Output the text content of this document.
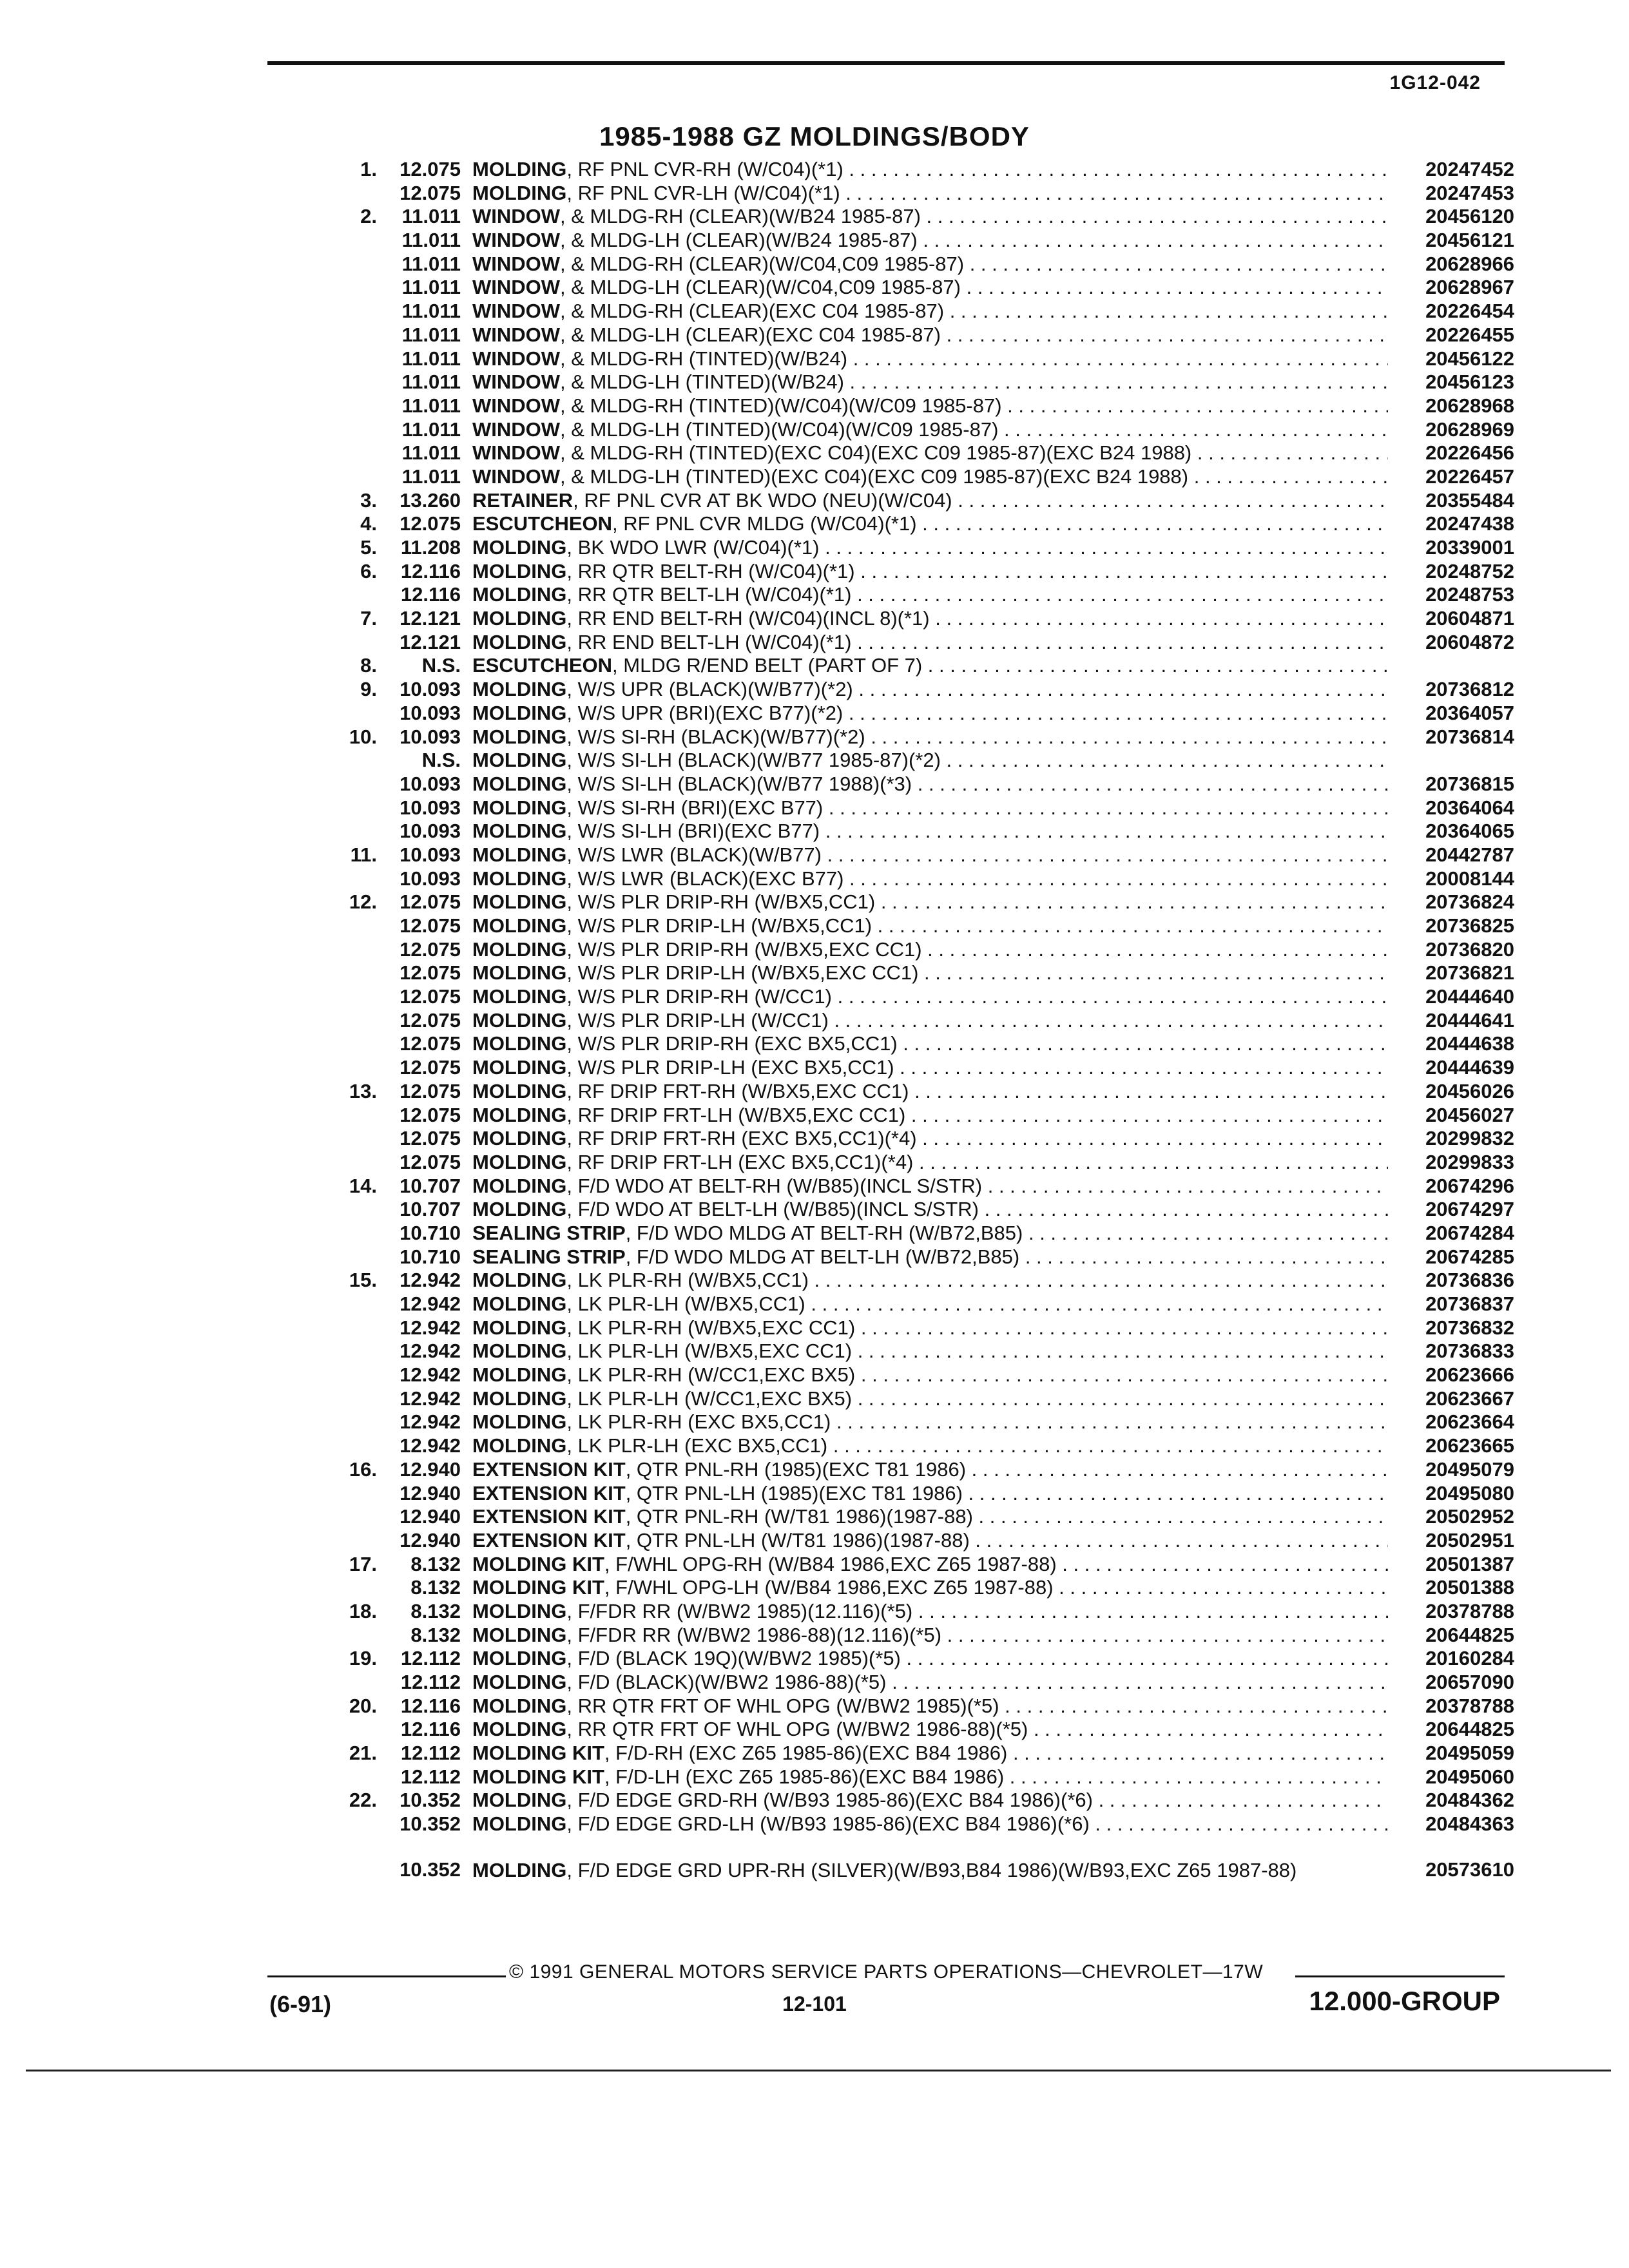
1G12-042
1985-1988 GZ MOLDINGS/BODY
1.	12.075 MOLDING, RF PNL CVR-RH (W/C04)(*1) . . .	20247452
12.075 MOLDING, RF PNL CVR-LH (W/C04)(*1) . . .	20247453
2.	11.011 WINDOW, & MLDG-RH (CLEAR)(W/B24 1985-87) . . .	20456120
11.011 WINDOW, & MLDG-LH (CLEAR)(W/B24 1985-87) . . .	20456121
11.011 WINDOW, & MLDG-RH (CLEAR)(W/C04,C09 1985-87) . . .	20628966
11.011 WINDOW, & MLDG-LH (CLEAR)(W/C04,C09 1985-87) . . .	20628967
11.011 WINDOW, & MLDG-RH (CLEAR)(EXC C04 1985-87) . . .	20226454
11.011 WINDOW, & MLDG-LH (CLEAR)(EXC C04 1985-87) . . .	20226455
11.011 WINDOW, & MLDG-RH (TINTED)(W/B24) . . .	20456122
11.011 WINDOW, & MLDG-LH (TINTED)(W/B24) . . .	20456123
11.011 WINDOW, & MLDG-RH (TINTED)(W/C04)(W/C09 1985-87) . . .	20628968
11.011 WINDOW, & MLDG-LH (TINTED)(W/C04)(W/C09 1985-87) . . .	20628969
11.011 WINDOW, & MLDG-RH (TINTED)(EXC C04)(EXC C09 1985-87)(EXC B24 1988) . . .	20226456
11.011 WINDOW, & MLDG-LH (TINTED)(EXC C04)(EXC C09 1985-87)(EXC B24 1988) . . .	20226457
3.	13.260 RETAINER, RF PNL CVR AT BK WDO (NEU)(W/C04) . . .	20355484
4.	12.075 ESCUTCHEON, RF PNL CVR MLDG (W/C04)(*1) . . .	20247438
5.	11.208 MOLDING, BK WDO LWR (W/C04)(*1) . . .	20339001
6.	12.116 MOLDING, RR QTR BELT-RH (W/C04)(*1) . . .	20248752
12.116 MOLDING, RR QTR BELT-LH (W/C04)(*1) . . .	20248753
7.	12.121 MOLDING, RR END BELT-RH (W/C04)(INCL 8)(*1) . . .	20604871
12.121 MOLDING, RR END BELT-LH (W/C04)(*1) . . .	20604872
8.	N.S. ESCUTCHEON, MLDG R/END BELT (PART OF 7) . . .
9.	10.093 MOLDING, W/S UPR (BLACK)(W/B77)(*2) . . .	20736812
10.093 MOLDING, W/S UPR (BRI)(EXC B77)(*2) . . .	20364057
10.	10.093 MOLDING, W/S SI-RH (BLACK)(W/B77)(*2) . . .	20736814
N.S. MOLDING, W/S SI-LH (BLACK)(W/B77 1985-87)(*2) . . .
10.093 MOLDING, W/S SI-LH (BLACK)(W/B77 1988)(*3) . . .	20736815
10.093 MOLDING, W/S SI-RH (BRI)(EXC B77) . . .	20364064
10.093 MOLDING, W/S SI-LH (BRI)(EXC B77) . . .	20364065
11.	10.093 MOLDING, W/S LWR (BLACK)(W/B77) . . .	20442787
10.093 MOLDING, W/S LWR (BLACK)(EXC B77) . . .	20008144
12.	12.075 MOLDING, W/S PLR DRIP-RH (W/BX5,CC1) . . .	20736824
12.075 MOLDING, W/S PLR DRIP-LH (W/BX5,CC1) . . .	20736825
12.075 MOLDING, W/S PLR DRIP-RH (W/BX5,EXC CC1) . . .	20736820
12.075 MOLDING, W/S PLR DRIP-LH (W/BX5,EXC CC1) . . .	20736821
12.075 MOLDING, W/S PLR DRIP-RH (W/CC1) . . .	20444640
12.075 MOLDING, W/S PLR DRIP-LH (W/CC1) . . .	20444641
12.075 MOLDING, W/S PLR DRIP-RH (EXC BX5,CC1) . . .	20444638
12.075 MOLDING, W/S PLR DRIP-LH (EXC BX5,CC1) . . .	20444639
13.	12.075 MOLDING, RF DRIP FRT-RH (W/BX5,EXC CC1) . . .	20456026
12.075 MOLDING, RF DRIP FRT-LH (W/BX5,EXC CC1) . . .	20456027
12.075 MOLDING, RF DRIP FRT-RH (EXC BX5,CC1)(*4) . . .	20299832
12.075 MOLDING, RF DRIP FRT-LH (EXC BX5,CC1)(*4) . . .	20299833
14.	10.707 MOLDING, F/D WDO AT BELT-RH (W/B85)(INCL S/STR) . . .	20674296
10.707 MOLDING, F/D WDO AT BELT-LH (W/B85)(INCL S/STR) . . .	20674297
10.710 SEALING STRIP, F/D WDO MLDG AT BELT-RH (W/B72,B85) . . .	20674284
10.710 SEALING STRIP, F/D WDO MLDG AT BELT-LH (W/B72,B85) . . .	20674285
15.	12.942 MOLDING, LK PLR-RH (W/BX5,CC1) . . .	20736836
12.942 MOLDING, LK PLR-LH (W/BX5,CC1) . . .	20736837
12.942 MOLDING, LK PLR-RH (W/BX5,EXC CC1) . . .	20736832
12.942 MOLDING, LK PLR-LH (W/BX5,EXC CC1) . . .	20736833
12.942 MOLDING, LK PLR-RH (W/CC1,EXC BX5) . . .	20623666
12.942 MOLDING, LK PLR-LH (W/CC1,EXC BX5) . . .	20623667
12.942 MOLDING, LK PLR-RH (EXC BX5,CC1) . . .	20623664
12.942 MOLDING, LK PLR-LH (EXC BX5,CC1) . . .	20623665
16.	12.940 EXTENSION KIT, QTR PNL-RH (1985)(EXC T81 1986) . . .	20495079
12.940 EXTENSION KIT, QTR PNL-LH (1985)(EXC T81 1986) . . .	20495080
12.940 EXTENSION KIT, QTR PNL-RH (W/T81 1986)(1987-88) . . .	20502952
12.940 EXTENSION KIT, QTR PNL-LH (W/T81 1986)(1987-88) . . .	20502951
17.	8.132 MOLDING KIT, F/WHL OPG-RH (W/B84 1986,EXC Z65 1987-88) . . .	20501387
8.132 MOLDING KIT, F/WHL OPG-LH (W/B84 1986,EXC Z65 1987-88) . . .	20501388
18.	8.132 MOLDING, F/FDR RR (W/BW2 1985)(12.116)(*5) . . .	20378788
8.132 MOLDING, F/FDR RR (W/BW2 1986-88)(12.116)(*5) . . .	20644825
19.	12.112 MOLDING, F/D (BLACK 19Q)(W/BW2 1985)(*5) . . .	20160284
12.112 MOLDING, F/D (BLACK)(W/BW2 1986-88)(*5) . . .	20657090
20.	12.116 MOLDING, RR QTR FRT OF WHL OPG (W/BW2 1985)(*5) . . .	20378788
12.116 MOLDING, RR QTR FRT OF WHL OPG (W/BW2 1986-88)(*5) . . .	20644825
21.	12.112 MOLDING KIT, F/D-RH (EXC Z65 1985-86)(EXC B84 1986) . . .	20495059
12.112 MOLDING KIT, F/D-LH (EXC Z65 1985-86)(EXC B84 1986) . . .	20495060
22.	10.352 MOLDING, F/D EDGE GRD-RH (W/B93 1985-86)(EXC B84 1986)(*6) . . .	20484362
10.352 MOLDING, F/D EDGE GRD-LH (W/B93 1985-86)(EXC B84 1986)(*6) . . .	20484363
10.352 MOLDING, F/D EDGE GRD UPR-RH (SILVER)(W/B93,B84 1986)(W/B93,EXC Z65 1987-88)	20573610
© 1991 GENERAL MOTORS SERVICE PARTS OPERATIONS—CHEVROLET—17W
(6-91)	12-101	12.000-GROUP
